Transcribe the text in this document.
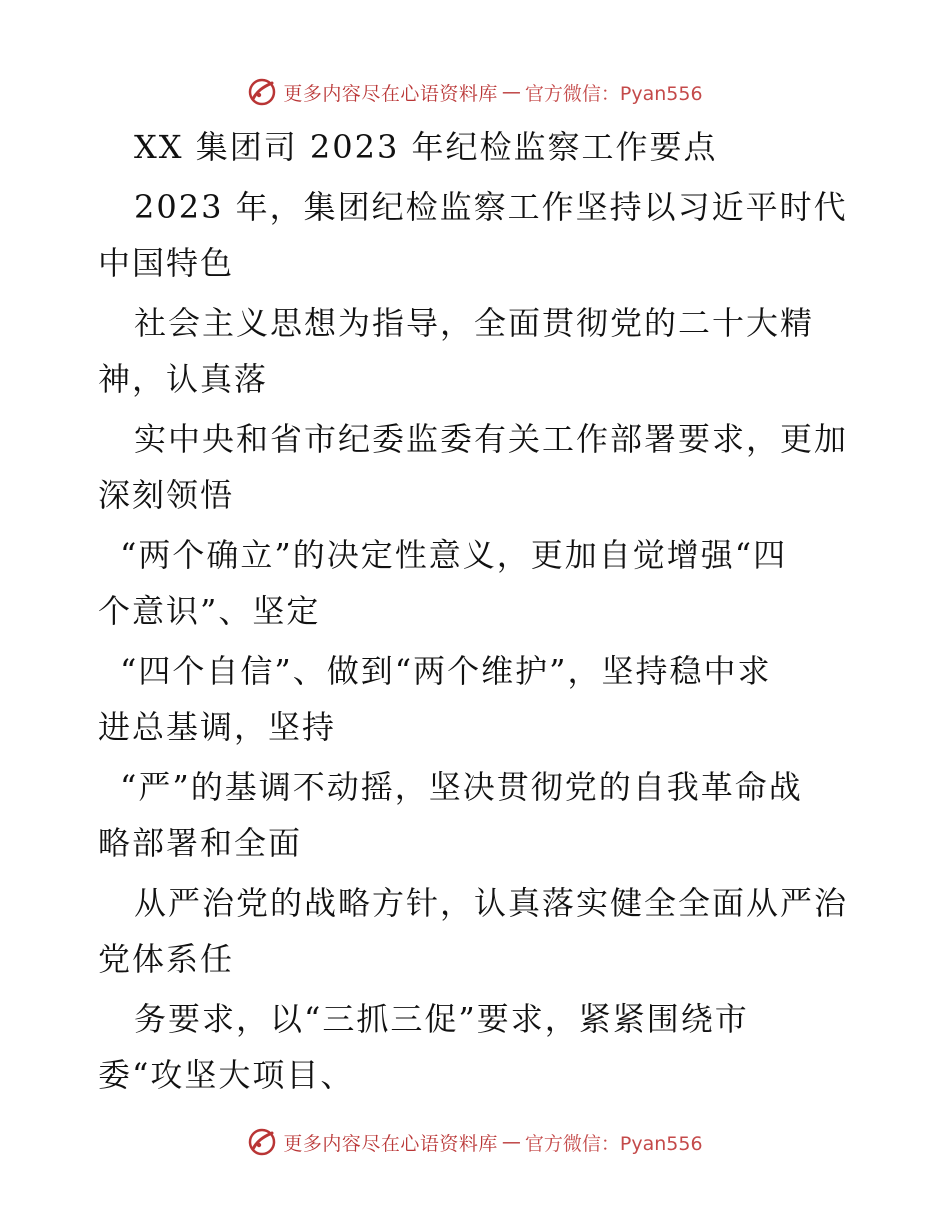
更多内容尽在心语资料库 — 官方微信：Pyan556
XX 集团司 2023 年纪检监察工作要点
2023 年，集团纪检监察工作坚持以习近平时代
中国特色
社会主义思想为指导，全面贯彻党的二十大精
神，认真落
实中央和省市纪委监委有关工作部署要求，更加
深刻领悟
“两个确立”的决定性意义，更加自觉增强“四
个意识”、坚定
“四个自信”、做到“两个维护”，坚持稳中求
进总基调，坚持
“严”的基调不动摇，坚决贯彻党的自我革命战
略部署和全面
从严治党的战略方针，认真落实健全全面从严治
党体系任
务要求，以“三抓三促”要求，紧紧围绕市
委“攻坚大项目、
更多内容尽在心语资料库 — 官方微信：Pyan556
